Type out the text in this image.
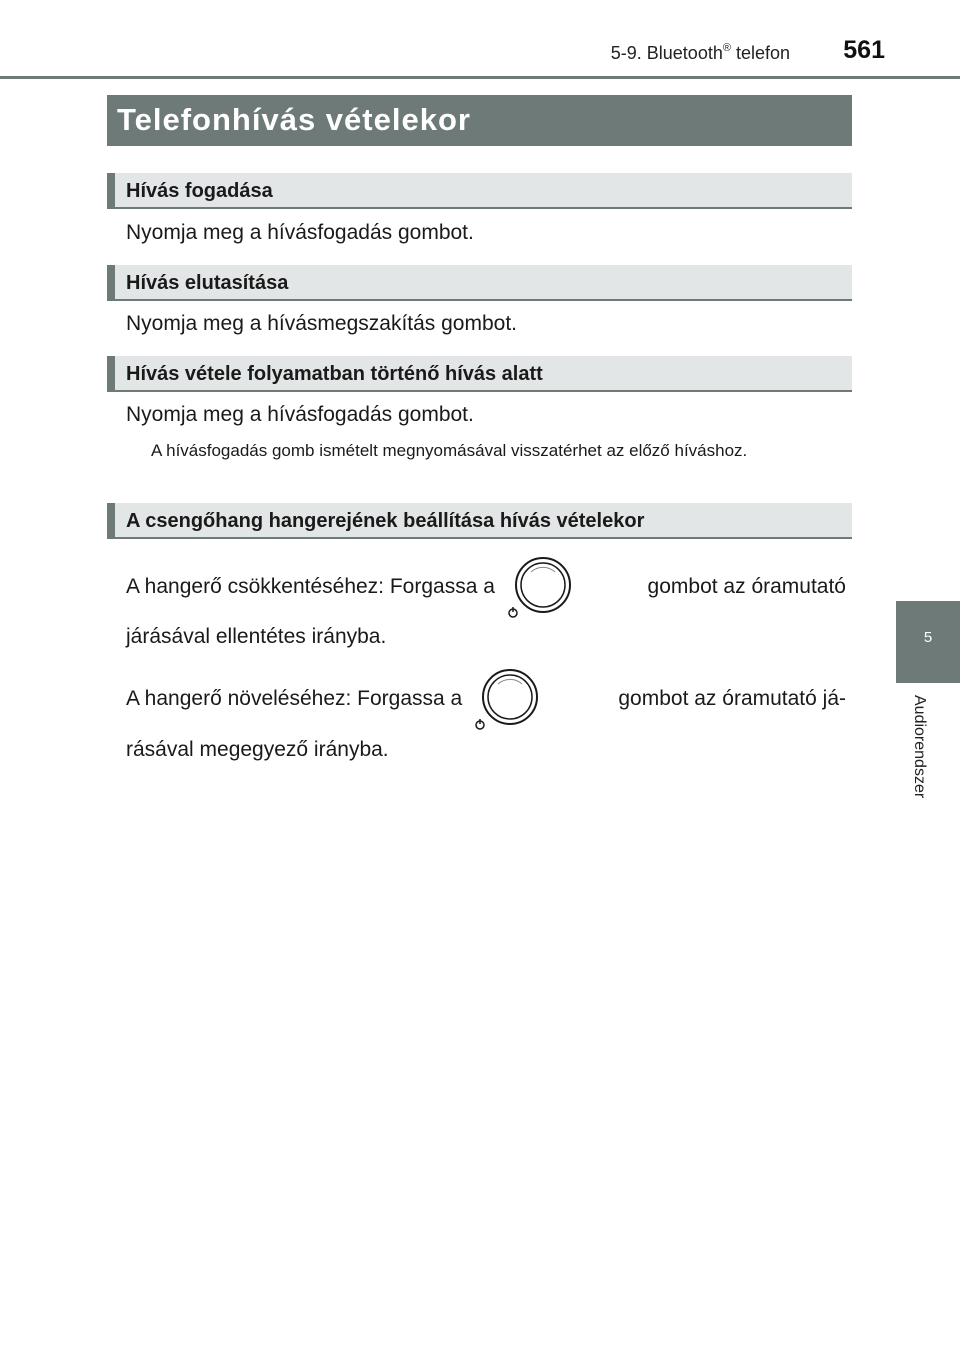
5-9. Bluetooth® telefon	561
Telefonhívás vételekor
Hívás fogadása
Nyomja meg a hívásfogadás gombot.
Hívás elutasítása
Nyomja meg a hívásmegszakítás gombot.
Hívás vétele folyamatban történő hívás alatt
Nyomja meg a hívásfogadás gombot.
A hívásfogadás gomb ismételt megnyomásával visszatérhet az előző híváshoz.
A csengőhang hangerejének beállítása hívás vételekor
A hangerő csökkentéséhez: Forgassa a	gombot az óramutató
járásával ellentétes irányba.
A hangerő növeléséhez: Forgassa a	gombot az óramutató já-
rásával megegyező irányba.
5
Audiorendszer
